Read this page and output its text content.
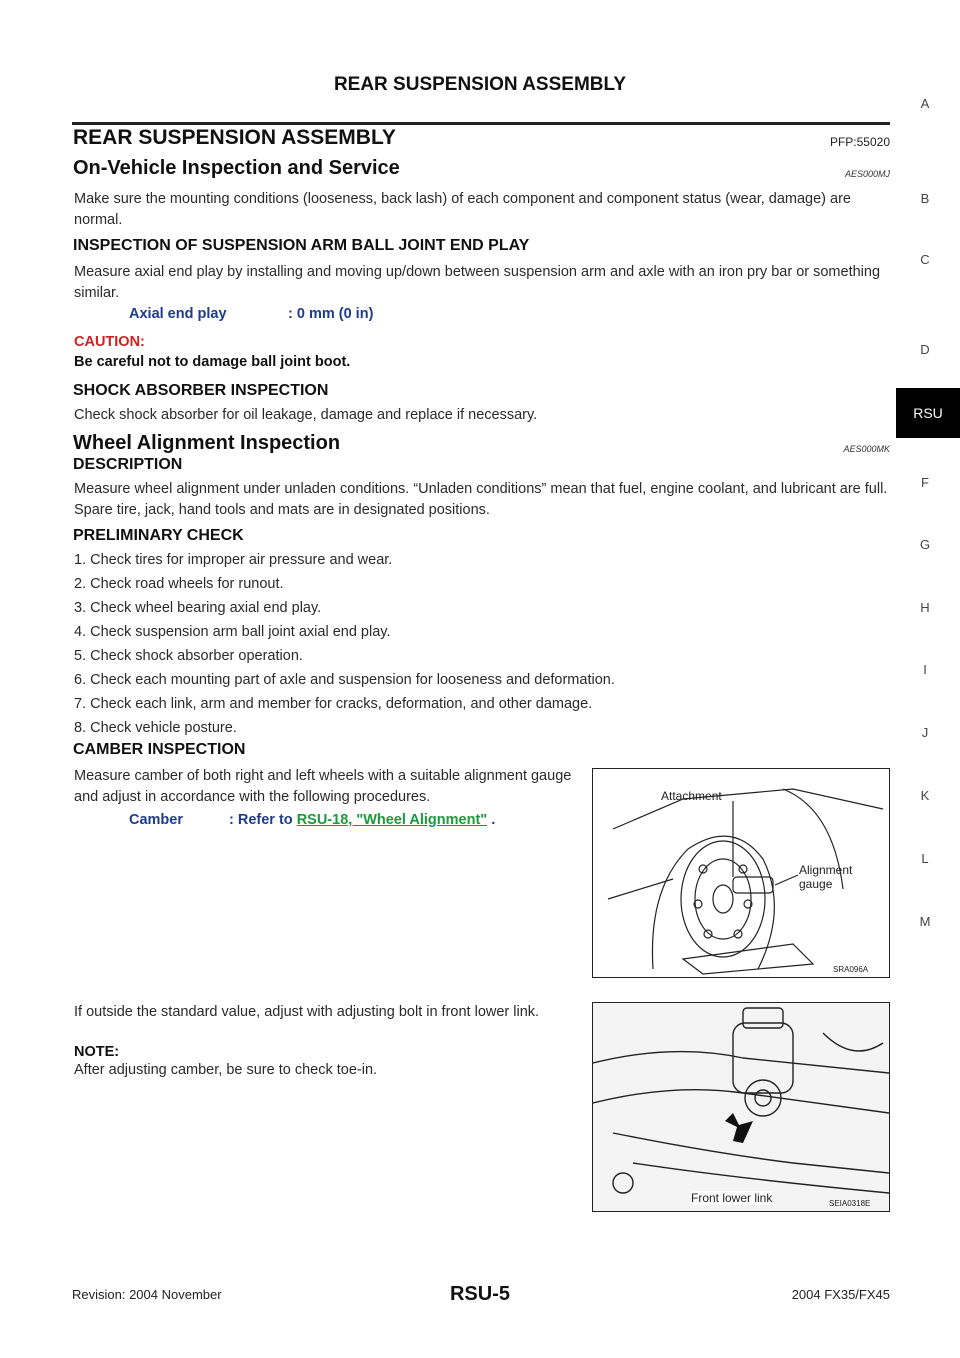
REAR SUSPENSION ASSEMBLY
REAR SUSPENSION ASSEMBLY	PFP:55020
On-Vehicle Inspection and Service	AES000MJ
Make sure the mounting conditions (looseness, back lash) of each component and component status (wear, damage) are normal.
INSPECTION OF SUSPENSION ARM BALL JOINT END PLAY
Measure axial end play by installing and moving up/down between suspension arm and axle with an iron pry bar or something similar.
Axial end play	: 0 mm (0 in)
CAUTION:
Be careful not to damage ball joint boot.
SHOCK ABSORBER INSPECTION
Check shock absorber for oil leakage, damage and replace if necessary.
Wheel Alignment Inspection	AES000MK
DESCRIPTION
Measure wheel alignment under unladen conditions. “Unladen conditions” mean that fuel, engine coolant, and lubricant are full. Spare tire, jack, hand tools and mats are in designated positions.
PRELIMINARY CHECK
1. Check tires for improper air pressure and wear.
2. Check road wheels for runout.
3. Check wheel bearing axial end play.
4. Check suspension arm ball joint axial end play.
5. Check shock absorber operation.
6. Check each mounting part of axle and suspension for looseness and deformation.
7. Check each link, arm and member for cracks, deformation, and other damage.
8. Check vehicle posture.
CAMBER INSPECTION
Measure camber of both right and left wheels with a suitable alignment gauge and adjust in accordance with the following procedures.
Camber	: Refer to RSU-18, "Wheel Alignment" .
If outside the standard value, adjust with adjusting bolt in front lower link.
NOTE:
After adjusting camber, be sure to check toe-in.
Attachment
Alignment
gauge
SRA096A
Front lower link	SEIA0318E
A
B
C
D
RSU
F
G
H
I
J
K
L
M
Revision: 2004 November	RSU-5	2004 FX35/FX45
